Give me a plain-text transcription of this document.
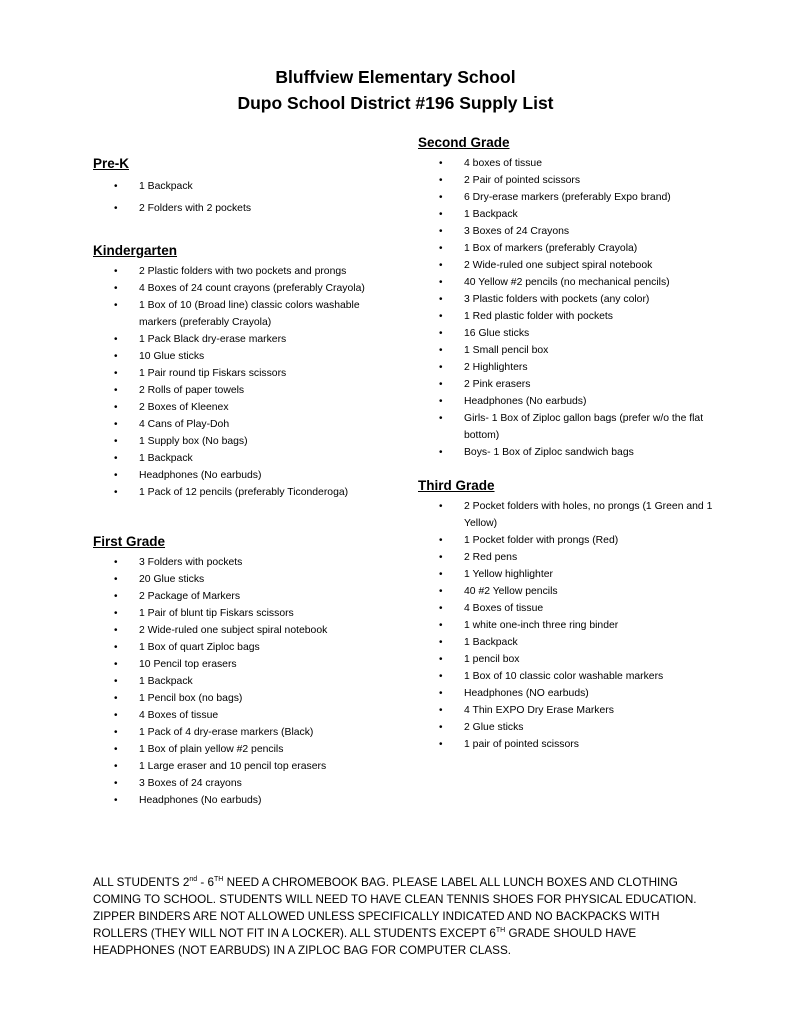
Bluffview Elementary School
Dupo School District #196 Supply List
Pre-K
• 1 Backpack
• 2 Folders with 2 pockets
Kindergarten
• 2 Plastic folders with two pockets and prongs
• 4 Boxes of 24 count crayons (preferably Crayola)
• 1 Box of 10 (Broad line) classic colors washable markers (preferably Crayola)
• 1 Pack Black dry-erase markers
• 10 Glue sticks
• 1 Pair round tip Fiskars scissors
• 2 Rolls of paper towels
• 2 Boxes of Kleenex
• 4 Cans of Play-Doh
• 1 Supply box (No bags)
• 1 Backpack
• Headphones (No earbuds)
• 1 Pack of 12 pencils (preferably Ticonderoga)
First Grade
• 3 Folders with pockets
• 20 Glue sticks
• 2 Package of Markers
• 1 Pair of blunt tip Fiskars scissors
• 2 Wide-ruled one subject spiral notebook
• 1 Box of quart Ziploc bags
• 10 Pencil top erasers
• 1 Backpack
• 1 Pencil box (no bags)
• 4 Boxes of tissue
• 1 Pack of 4 dry-erase markers (Black)
• 1 Box of plain yellow #2 pencils
• 1 Large eraser and 10 pencil top erasers
• 3 Boxes of 24 crayons
• Headphones (No earbuds)
Second Grade
• 4 boxes of tissue
• 2 Pair of pointed scissors
• 6 Dry-erase markers (preferably Expo brand)
• 1 Backpack
• 3 Boxes of 24 Crayons
• 1 Box of markers (preferably Crayola)
• 2 Wide-ruled one subject spiral notebook
• 40 Yellow #2 pencils (no mechanical pencils)
• 3 Plastic folders with pockets (any color)
• 1 Red plastic folder with pockets
• 16 Glue sticks
• 1 Small pencil box
• 2 Highlighters
• 2 Pink erasers
• Headphones (No earbuds)
• Girls- 1 Box of Ziploc gallon bags (prefer w/o the flat bottom)
• Boys- 1 Box of Ziploc sandwich bags
Third Grade
• 2 Pocket folders with holes, no prongs (1 Green and 1 Yellow)
• 1 Pocket folder with prongs (Red)
• 2 Red pens
• 1 Yellow highlighter
• 40 #2 Yellow pencils
• 4 Boxes of tissue
• 1 white one-inch three ring binder
• 1 Backpack
• 1 pencil box
• 1 Box of 10 classic color washable markers
• Headphones (NO earbuds)
• 4 Thin EXPO Dry Erase Markers
• 2 Glue sticks
• 1 pair of pointed scissors
ALL STUDENTS 2nd - 6TH NEED A CHROMEBOOK BAG. PLEASE LABEL ALL LUNCH BOXES AND CLOTHING COMING TO SCHOOL. STUDENTS WILL NEED TO HAVE CLEAN TENNIS SHOES FOR PHYSICAL EDUCATION. ZIPPER BINDERS ARE NOT ALLOWED UNLESS SPECIFICALLY INDICATED AND NO BACKPACKS WITH ROLLERS (THEY WILL NOT FIT IN A LOCKER). ALL STUDENTS EXCEPT 6TH GRADE SHOULD HAVE HEADPHONES (NOT EARBUDS) IN A ZIPLOC BAG FOR COMPUTER CLASS.
